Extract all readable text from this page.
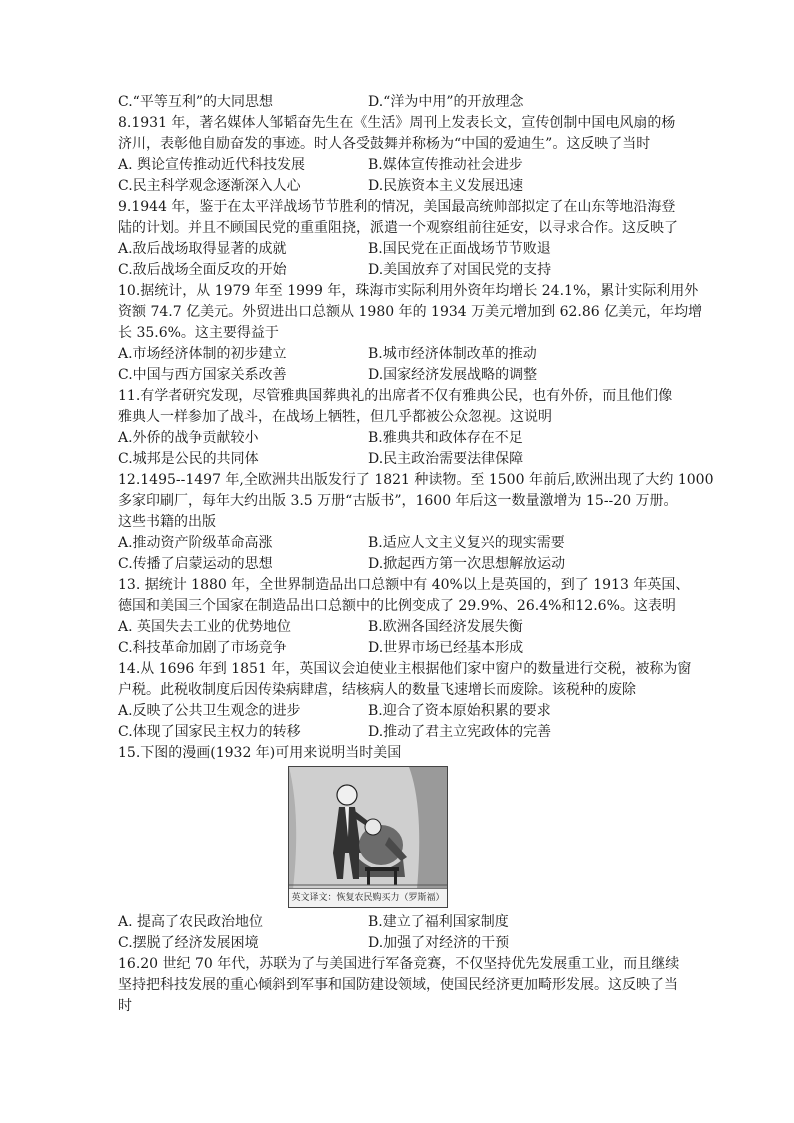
C.“平等互利”的大同思想	D.“洋为中用”的开放理念
8.1931 年，著名媒体人邹韬奋先生在《生活》周刊上发表长文，宣传创制中国电风扇的杨
济川，表彰他自励奋发的事迹。时人各受鼓舞并称杨为“中国的爱迪生”。这反映了当时
A. 舆论宣传推动近代科技发展	B.媒体宣传推动社会进步
C.民主科学观念逐渐深入人心	D.民族资本主义发展迅速
9.1944 年，鉴于在太平洋战场节节胜利的情况，美国最高统帅部拟定了在山东等地沿海登
陆的计划。并且不顾国民党的重重阻挠，派遣一个观察组前往延安，以寻求合作。这反映了
A.敌后战场取得显著的成就	B.国民党在正面战场节节败退
C.敌后战场全面反攻的开始	D.美国放弃了对国民党的支持
10.据统计，从 1979 年至 1999 年，珠海市实际利用外资年均增长 24.1%，累计实际利用外
资额 74.7 亿美元。外贸进出口总额从 1980 年的 1934 万美元增加到 62.86 亿美元，年均增
长 35.6%。这主要得益于
A.市场经济体制的初步建立	B.城市经济体制改革的推动
C.中国与西方国家关系改善	D.国家经济发展战略的调整
11.有学者研究发现，尽管雅典国葬典礼的出席者不仅有雅典公民，也有外侨，而且他们像
雅典人一样参加了战斗，在战场上牺牲，但几乎都被公众忽视。这说明
A.外侨的战争贡献较小	B.雅典共和政体存在不足
C.城邦是公民的共同体	D.民主政治需要法律保障
12.1495--1497 年,全欧洲共出版发行了 1821 种读物。至 1500 年前后,欧洲出现了大约 1000
多家印刷厂，每年大约出版 3.5 万册“古版书”，1600 年后这一数量激增为 15--20 万册。
这些书籍的出版
A.推动资产阶级革命高涨	B.适应人文主义复兴的现实需要
C.传播了启蒙运动的思想	D.掀起西方第一次思想解放运动
13. 据统计 1880 年，全世界制造品出口总额中有 40%以上是英国的，到了 1913 年英国、
德国和美国三个国家在制造品出口总额中的比例变成了 29.9%、26.4%和12.6%。这表明
A. 英国失去工业的优势地位	B.欧洲各国经济发展失衡
C.科技革命加剧了市场竞争	D.世界市场已经基本形成
14.从 1696 年到 1851 年，英国议会迫使业主根据他们家中窗户的数量进行交税，被称为窗
户税。此税收制度后因传染病肆虐，结核病人的数量飞速增长而废除。该税种的废除
A.反映了公共卫生观念的进步	B.迎合了资本原始积累的要求
C.体现了国家民主权力的转移	D.推动了君主立宪政体的完善
15.下图的漫画(1932 年)可用来说明当时美国
英文译文：恢复农民购买力（罗斯福）
A. 提高了农民政治地位	B.建立了福利国家制度
C.摆脱了经济发展困境	D.加强了对经济的干预
16.20 世纪 70 年代，苏联为了与美国进行军备竞赛，不仅坚持优先发展重工业，而且继续
坚持把科技发展的重心倾斜到军事和国防建设领域，使国民经济更加畸形发展。这反映了当
时
